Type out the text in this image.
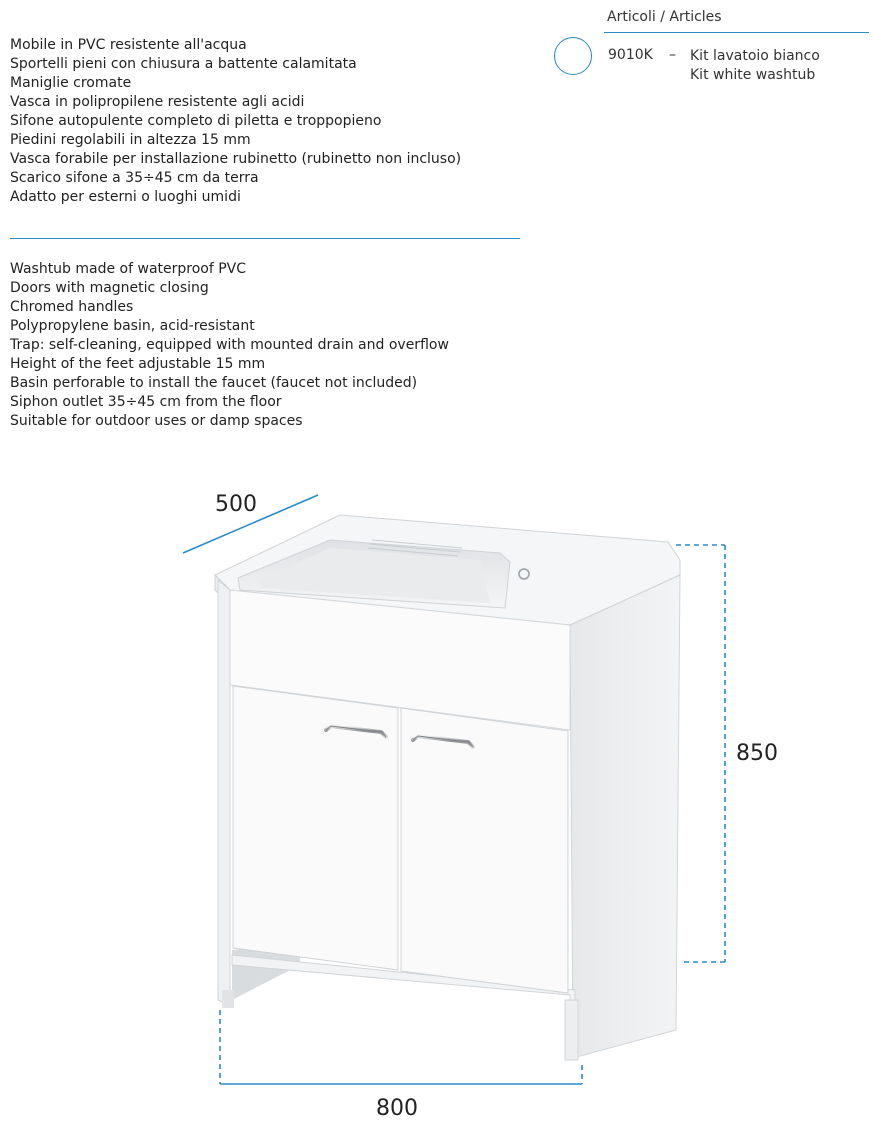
Articoli / Articles
9010K – Kit lavatoio bianco
Kit white washtub
Mobile in PVC resistente all'acqua
Sportelli pieni con chiusura a battente calamitata
Maniglie cromate
Vasca in polipropilene resistente agli acidi
Sifone autopulente completo di piletta e troppopieno
Piedini regolabili in altezza 15 mm
Vasca forabile per installazione rubinetto (rubinetto non incluso)
Scarico sifone a 35÷45 cm da terra
Adatto per esterni o luoghi umidi
Washtub made of waterproof PVC
Doors with magnetic closing
Chromed handles
Polypropylene basin, acid-resistant
Trap: self-cleaning, equipped with mounted drain and overflow
Height of the feet adjustable 15 mm
Basin perforable to install the faucet (faucet not included)
Siphon outlet 35÷45 cm from the floor
Suitable for outdoor uses or damp spaces
500
850
800
